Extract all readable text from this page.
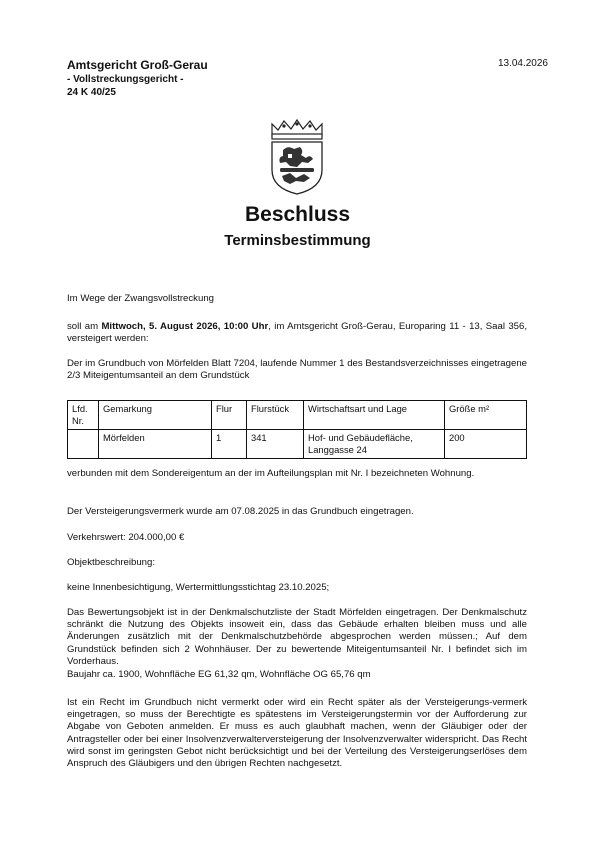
Amtsgericht Groß-Gerau
- Vollstreckungsgericht -
24 K 40/25
13.04.2026
Beschluss
Terminsbestimmung
Im Wege der Zwangsvollstreckung
soll am Mittwoch, 5. August 2026, 10:00 Uhr, im Amtsgericht Groß-Gerau, Europaring 11 - 13, Saal 356, versteigert werden:
Der im Grundbuch von Mörfelden Blatt 7204, laufende Nummer 1 des Bestandsverzeichnisses eingetragene 2/3 Miteigentumsanteil an dem Grundstück
Lfd. Nr.	Gemarkung	Flur	Flurstück	Wirtschaftsart und Lage	Größe m²
	Mörfelden	1	341	Hof- und Gebäudefläche, Langgasse 24	200
verbunden mit dem Sondereigentum an der im Aufteilungsplan mit Nr. I bezeichneten Wohnung.
Der Versteigerungsvermerk wurde am 07.08.2025 in das Grundbuch eingetragen.
Verkehrswert: 204.000,00 €
Objektbeschreibung:
keine Innenbesichtigung, Wertermittlungsstichtag 23.10.2025;
Das Bewertungsobjekt ist in der Denkmalschutzliste der Stadt Mörfelden eingetragen. Der Denkmalschutz schränkt die Nutzung des Objekts insoweit ein, dass das Gebäude erhalten bleiben muss und alle Änderungen zusätzlich mit der Denkmalschutzbehörde abgesprochen werden müssen.; Auf dem Grundstück befinden sich 2 Wohnhäuser. Der zu bewertende Miteigentumsanteil Nr. I befindet sich im Vorderhaus.
Baujahr ca. 1900, Wohnfläche EG 61,32 qm, Wohnfläche OG 65,76 qm
Ist ein Recht im Grundbuch nicht vermerkt oder wird ein Recht später als der Versteigerungs-vermerk eingetragen, so muss der Berechtigte es spätestens im Versteigerungstermin vor der Aufforderung zur Abgabe von Geboten anmelden. Er muss es auch glaubhaft machen, wenn der Gläubiger oder der Antragsteller oder bei einer Insolvenzverwalterversteigerung der Insolvenzverwalter widerspricht. Das Recht wird sonst im geringsten Gebot nicht berücksichtigt und bei der Verteilung des Versteigerungserlöses dem Anspruch des Gläubigers und den übrigen Rechten nachgesetzt.
